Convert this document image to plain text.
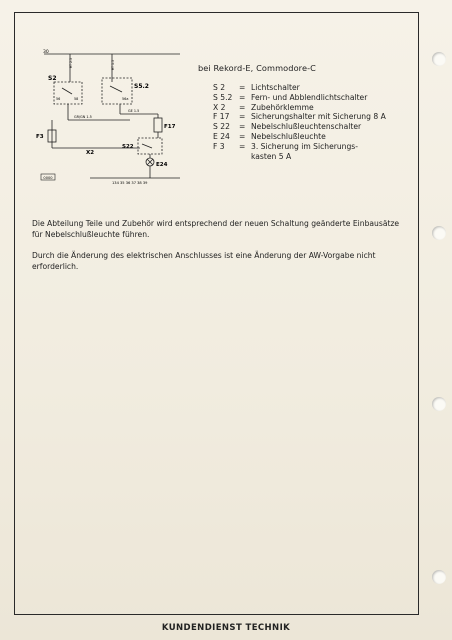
0000
30
S2
S5.2
F17
F3
X2
S22
E24
GR/GN 1.5
GE 1.5
RT 2.5	RT 1.5
56	58	56a
134 35 36 37 38 39
bei Rekord-E, Commodore-C
S 2	= Lichtschalter
S 5.2 = Fern- und Abblendlichtschalter
X 2	= Zubehörklemme
F 17	= Sicherungshalter mit Sicherung 8 A
S 22	= Nebelschlußleuchtenschalter
E 24	= Nebelschlußleuchte
F 3	= 3. Sicherung im Sicherungs-
kasten 5 A
Die Abteilung Teile und Zubehör wird entsprechend der neuen Schaltung geänderte Einbausätze für Nebelschlußleuchte führen.
Durch die Änderung des elektrischen Anschlusses ist eine Änderung der AW-Vorgabe nicht erforderlich.
KUNDENDIENST TECHNIK
